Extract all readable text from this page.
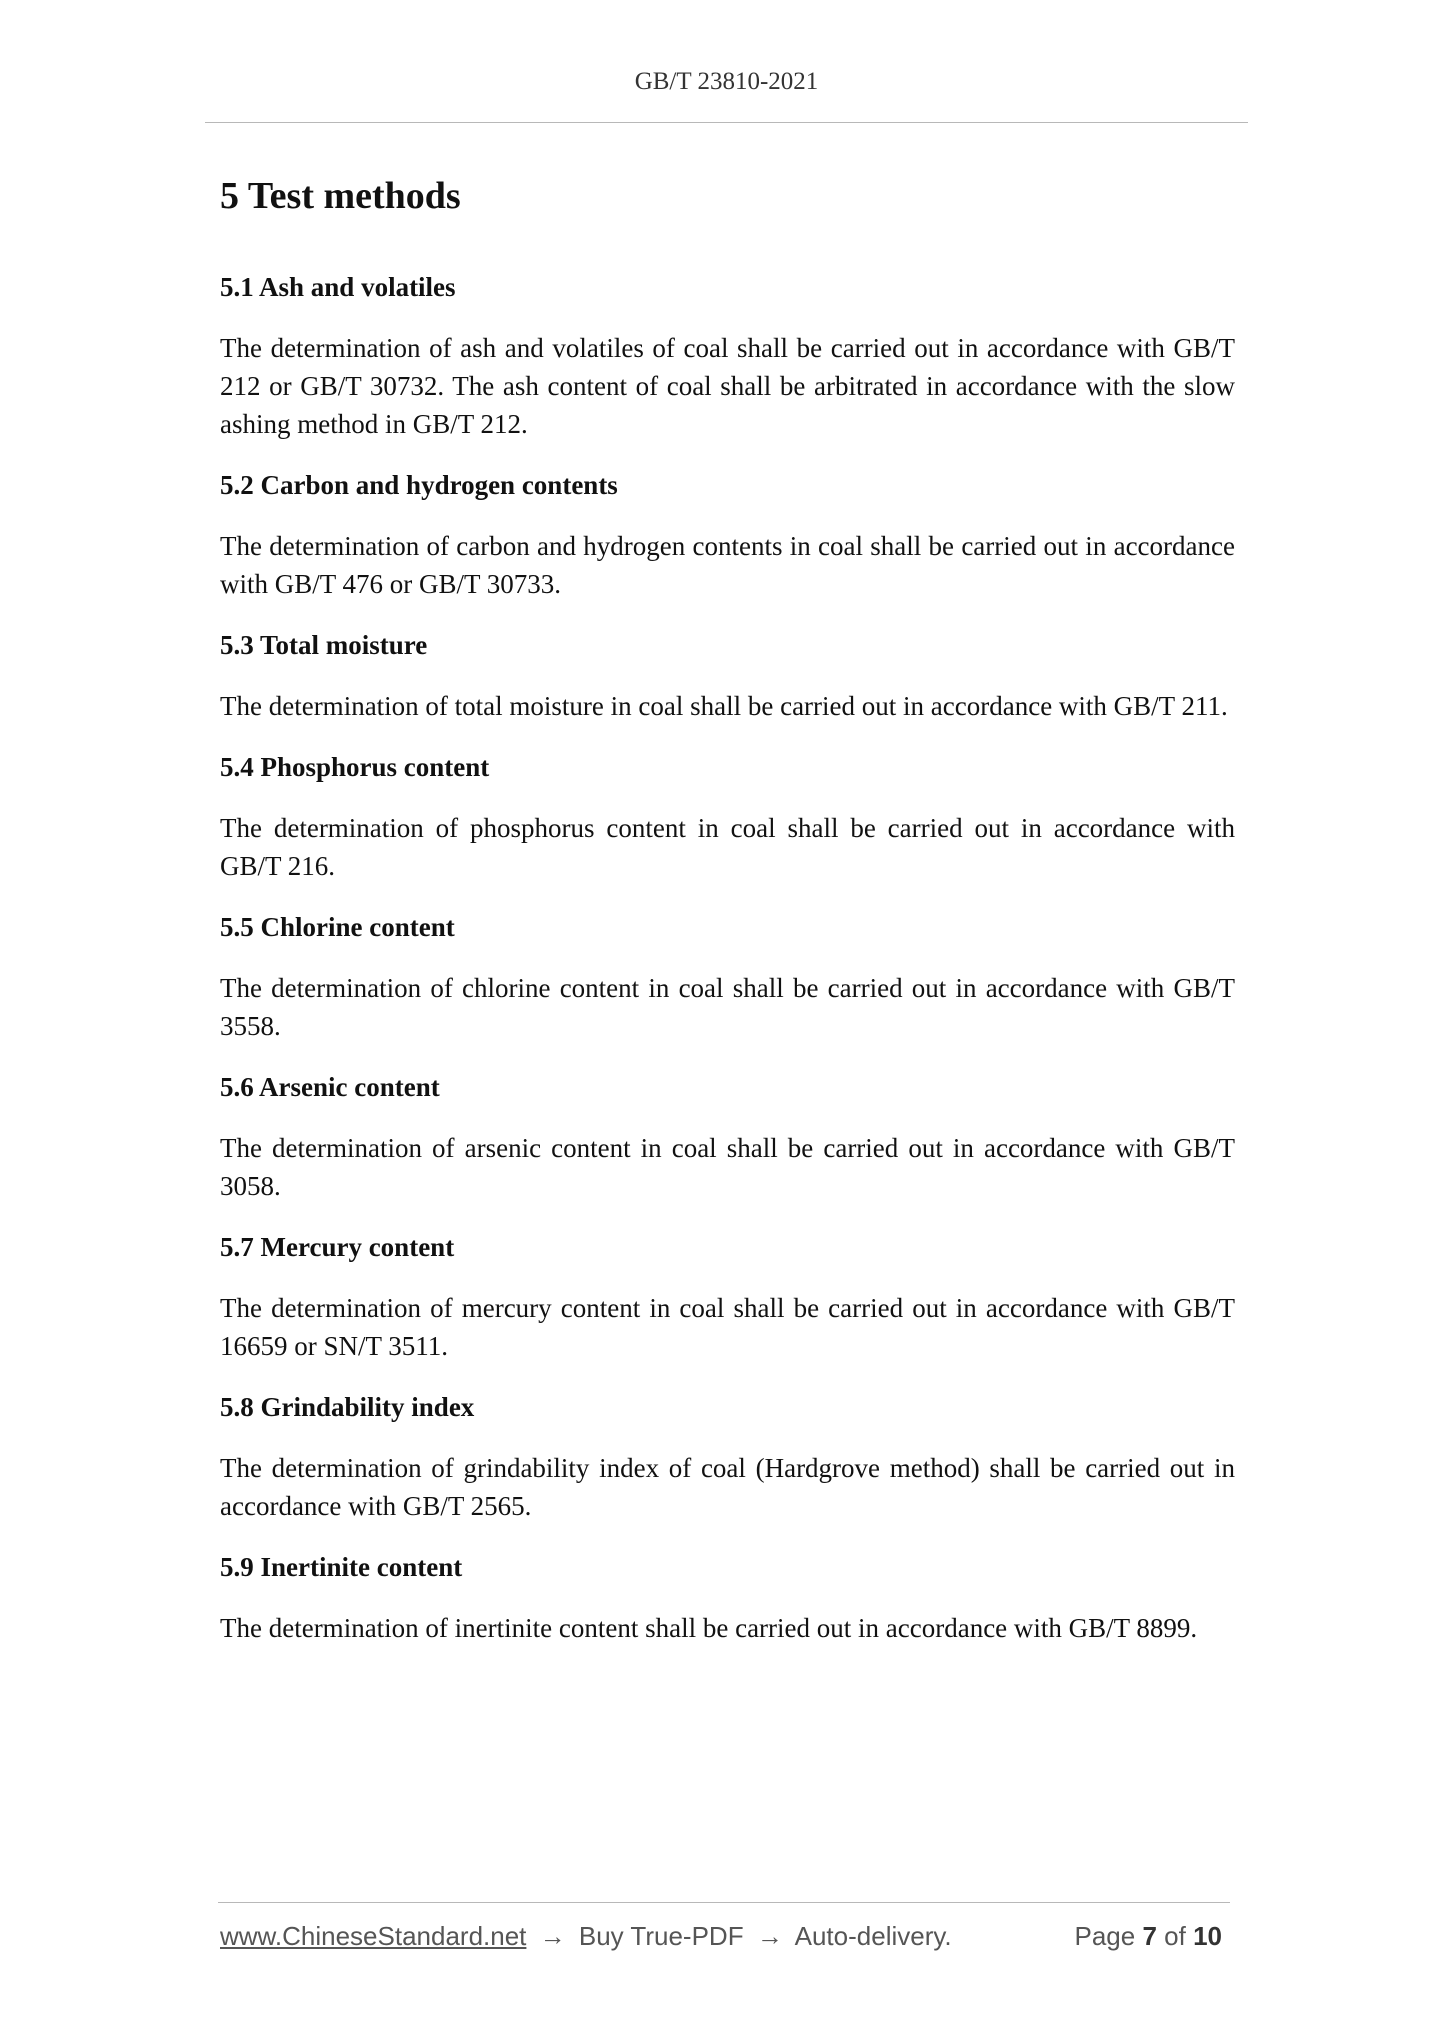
GB/T 23810-2021
5 Test methods
5.1 Ash and volatiles
The determination of ash and volatiles of coal shall be carried out in accordance with GB/T 212 or GB/T 30732. The ash content of coal shall be arbitrated in accordance with the slow ashing method in GB/T 212.
5.2 Carbon and hydrogen contents
The determination of carbon and hydrogen contents in coal shall be carried out in accordance with GB/T 476 or GB/T 30733.
5.3 Total moisture
The determination of total moisture in coal shall be carried out in accordance with GB/T 211.
5.4 Phosphorus content
The determination of phosphorus content in coal shall be carried out in accordance with GB/T 216.
5.5 Chlorine content
The determination of chlorine content in coal shall be carried out in accordance with GB/T 3558.
5.6 Arsenic content
The determination of arsenic content in coal shall be carried out in accordance with GB/T 3058.
5.7 Mercury content
The determination of mercury content in coal shall be carried out in accordance with GB/T 16659 or SN/T 3511.
5.8 Grindability index
The determination of grindability index of coal (Hardgrove method) shall be carried out in accordance with GB/T 2565.
5.9 Inertinite content
The determination of inertinite content shall be carried out in accordance with GB/T 8899.
www.ChineseStandard.net → Buy True-PDF → Auto-delivery.	Page 7 of 10
